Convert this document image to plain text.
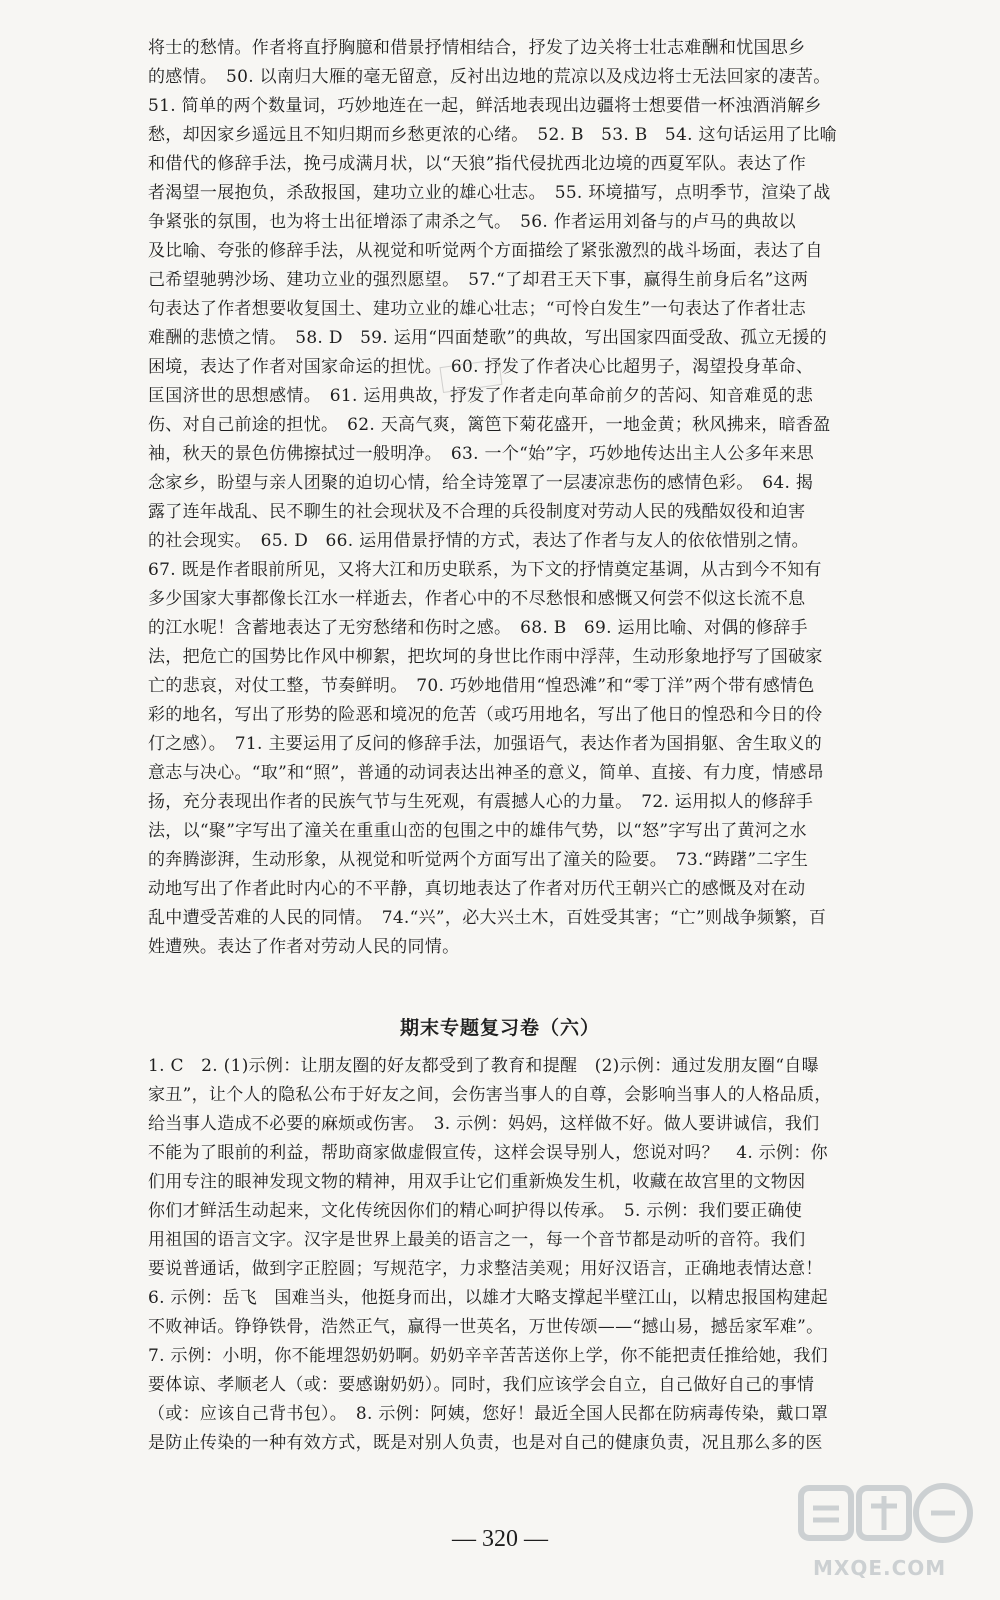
将士的愁情。作者将直抒胸臆和借景抒情相结合，抒发了边关将士壮志难酬和忧国思乡

的感情。　50. 以南归大雁的毫无留意，反衬出边地的荒凉以及戍边将士无法回家的凄苦。

51. 简单的两个数量词，巧妙地连在一起，鲜活地表现出边疆将士想要借一杯浊酒消解乡

愁，却因家乡遥远且不知归期而乡愁更浓的心绪。　52. B　53. B　54. 这句话运用了比喻

和借代的修辞手法，挽弓成满月状，以“天狼”指代侵扰西北边境的西夏军队。表达了作

者渴望一展抱负，杀敌报国，建功立业的雄心壮志。　55. 环境描写，点明季节，渲染了战

争紧张的氛围，也为将士出征增添了肃杀之气。　56. 作者运用刘备与的卢马的典故以

及比喻、夸张的修辞手法，从视觉和听觉两个方面描绘了紧张激烈的战斗场面，表达了自

己希望驰骋沙场、建功立业的强烈愿望。　57.“了却君王天下事，赢得生前身后名”这两

句表达了作者想要收复国土、建功立业的雄心壮志；“可怜白发生”一句表达了作者壮志

难酬的悲愤之情。　58. D　59. 运用“四面楚歌”的典故，写出国家四面受敌、孤立无援的

困境，表达了作者对国家命运的担忧。　60. 抒发了作者决心比超男子，渴望投身革命、

匡国济世的思想感情。　61. 运用典故，抒发了作者走向革命前夕的苦闷、知音难觅的悲

伤、对自己前途的担忧。　62. 天高气爽，篱笆下菊花盛开，一地金黄；秋风拂来，暗香盈

袖，秋天的景色仿佛擦拭过一般明净。　63. 一个“始”字，巧妙地传达出主人公多年来思

念家乡，盼望与亲人团聚的迫切心情，给全诗笼罩了一层凄凉悲伤的感情色彩。　64. 揭

露了连年战乱、民不聊生的社会现状及不合理的兵役制度对劳动人民的残酷奴役和迫害

的社会现实。　65. D　66. 运用借景抒情的方式，表达了作者与友人的依依惜别之情。

67. 既是作者眼前所见，又将大江和历史联系，为下文的抒情奠定基调，从古到今不知有

多少国家大事都像长江水一样逝去，作者心中的不尽愁恨和感慨又何尝不似这长流不息

的江水呢！含蓄地表达了无穷愁绪和伤时之感。　68. B　69. 运用比喻、对偶的修辞手

法，把危亡的国势比作风中柳絮，把坎坷的身世比作雨中浮萍，生动形象地抒写了国破家

亡的悲哀，对仗工整，节奏鲜明。　70. 巧妙地借用“惶恐滩”和“零丁洋”两个带有感情色

彩的地名，写出了形势的险恶和境况的危苦（或巧用地名，写出了他日的惶恐和今日的伶

仃之感）。　71. 主要运用了反问的修辞手法，加强语气，表达作者为国捐躯、舍生取义的

意志与决心。“取”和“照”，普通的动词表达出神圣的意义，简单、直接、有力度，情感昂

扬，充分表现出作者的民族气节与生死观，有震撼人心的力量。　72. 运用拟人的修辞手

法，以“聚”字写出了潼关在重重山峦的包围之中的雄伟气势，以“怒”字写出了黄河之水

的奔腾澎湃，生动形象，从视觉和听觉两个方面写出了潼关的险要。　73.“踌躇”二字生

动地写出了作者此时内心的不平静，真切地表达了作者对历代王朝兴亡的感慨及对在动

乱中遭受苦难的人民的同情。　74.“兴”，必大兴土木，百姓受其害；“亡”则战争频繁，百

姓遭殃。表达了作者对劳动人民的同情。

期末专题复习卷（六）

1. C　2. (1)示例：让朋友圈的好友都受到了教育和提醒　(2)示例：通过发朋友圈“自曝

家丑”，让个人的隐私公布于好友之间，会伤害当事人的自尊，会影响当事人的人格品质，

给当事人造成不必要的麻烦或伤害。　3. 示例：妈妈，这样做不好。做人要讲诚信，我们

不能为了眼前的利益，帮助商家做虚假宣传，这样会误导别人，您说对吗？　4. 示例：你

们用专注的眼神发现文物的精神，用双手让它们重新焕发生机，收藏在故宫里的文物因

你们才鲜活生动起来，文化传统因你们的精心呵护得以传承。　5. 示例：我们要正确使

用祖国的语言文字。汉字是世界上最美的语言之一，每一个音节都是动听的音符。我们

要说普通话，做到字正腔圆；写规范字，力求整洁美观；用好汉语言，正确地表情达意！

6. 示例：岳飞　国难当头，他挺身而出，以雄才大略支撑起半壁江山，以精忠报国构建起

不败神话。铮铮铁骨，浩然正气，赢得一世英名，万世传颂——“撼山易，撼岳家军难”。

7. 示例：小明，你不能埋怨奶奶啊。奶奶辛辛苦苦送你上学，你不能把责任推给她，我们

要体谅、孝顺老人（或：要感谢奶奶）。同时，我们应该学会自立，自己做好自己的事情

（或：应该自己背书包）。　8. 示例：阿姨，您好！最近全国人民都在防病毒传染，戴口罩

是防止传染的一种有效方式，既是对别人负责，也是对自己的健康负责，况且那么多的医

— 320 —
MXQE.COM
